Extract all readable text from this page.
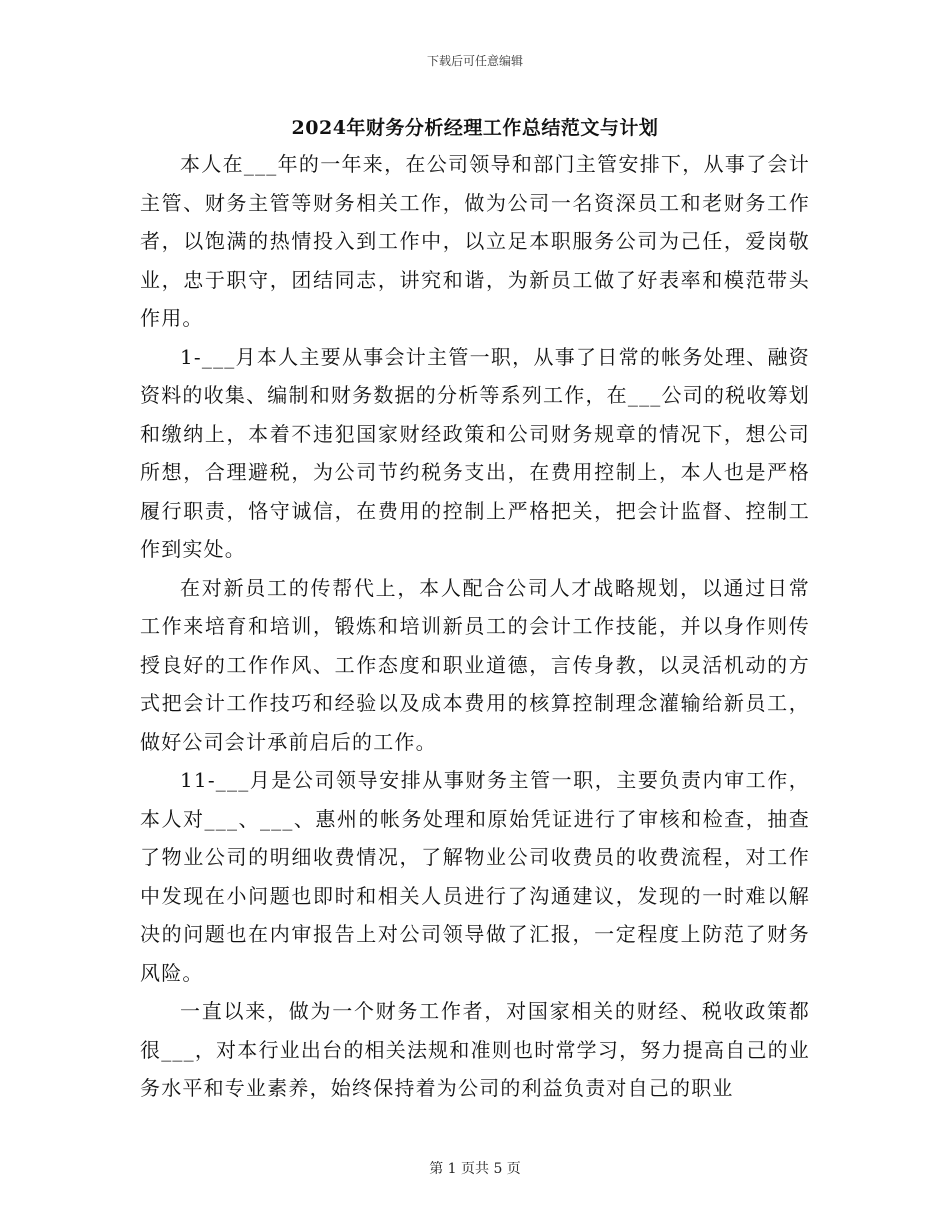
下载后可任意编辑
2024年财务分析经理工作总结范文与计划

本人在___年的一年来，在公司领导和部门主管安排下，从事了会计主管、财务主管等财务相关工作，做为公司一名资深员工和老财务工作者，以饱满的热情投入到工作中，以立足本职服务公司为己任，爱岗敬业，忠于职守，团结同志，讲究和谐，为新员工做了好表率和模范带头作用。

1-___月本人主要从事会计主管一职，从事了日常的帐务处理、融资资料的收集、编制和财务数据的分析等系列工作，在___公司的税收筹划和缴纳上，本着不违犯国家财经政策和公司财务规章的情况下，想公司所想，合理避税，为公司节约税务支出，在费用控制上，本人也是严格履行职责，恪守诚信，在费用的控制上严格把关，把会计监督、控制工作到实处。

在对新员工的传帮代上，本人配合公司人才战略规划，以通过日常工作来培育和培训，锻炼和培训新员工的会计工作技能，并以身作则传授良好的工作作风、工作态度和职业道德，言传身教，以灵活机动的方式把会计工作技巧和经验以及成本费用的核算控制理念灌输给新员工，做好公司会计承前启后的工作。

11-___月是公司领导安排从事财务主管一职，主要负责内审工作，本人对___、___、惠州的帐务处理和原始凭证进行了审核和检查，抽查了物业公司的明细收费情况，了解物业公司收费员的收费流程，对工作中发现在小问题也即时和相关人员进行了沟通建议，发现的一时难以解决的问题也在内审报告上对公司领导做了汇报，一定程度上防范了财务风险。

一直以来，做为一个财务工作者，对国家相关的财经、税收政策都很___，对本行业出台的相关法规和准则也时常学习，努力提高自己的业务水平和专业素养，始终保持着为公司的利益负责对自己的职业

第 1 页共 5 页
